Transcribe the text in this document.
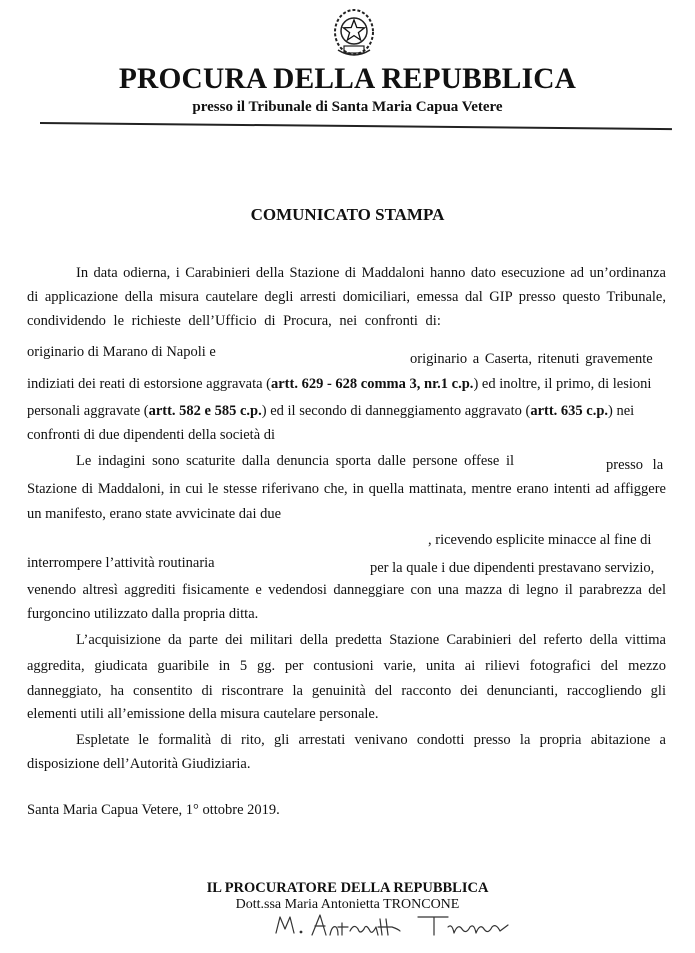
PROCURA DELLA REPUBBLICA
presso il Tribunale di Santa Maria Capua Vetere
COMUNICATO STAMPA
In data odierna, i Carabinieri della Stazione di Maddaloni hanno dato esecuzione ad un’ordinanza
di applicazione della misura cautelare degli arresti domiciliari, emessa dal GIP presso questo Tribunale,
condividendo le richieste dell’Ufficio di Procura, nei confronti di:
originario di Marano di Napoli e	originario a Caserta, ritenuti gravemente
indiziati dei reati di estorsione aggravata (artt. 629 - 628 comma 3, nr.1 c.p.) ed inoltre, il primo, di lesioni
personali aggravate (artt. 582 e 585 c.p.) ed il secondo di danneggiamento aggravato (artt. 635 c.p.) nei
confronti di due dipendenti della società di
Le indagini sono scaturite dalla denuncia sporta dalle persone offese il	presso la
Stazione di Maddaloni, in cui le stesse riferivano che, in quella mattinata, mentre erano intenti ad affiggere
un manifesto, erano state avvicinate dai due
, ricevendo esplicite minacce al fine di
interrompere l’attività routinaria	per la quale i due dipendenti prestavano servizio,
venendo altresì aggrediti fisicamente e vedendosi danneggiare con una mazza di legno il parabrezza del
furgoncino utilizzato dalla propria ditta.
L’acquisizione da parte dei militari della predetta Stazione Carabinieri del referto della vittima
aggredita, giudicata guaribile in 5 gg. per contusioni varie, unita ai rilievi fotografici del mezzo
danneggiato, ha consentito di riscontrare la genuinità del racconto dei denuncianti, raccogliendo gli
elementi utili all’emissione della misura cautelare personale.
Espletate le formalità di rito, gli arrestati venivano condotti presso la propria abitazione a
disposizione dell’Autorità Giudiziaria.
Santa Maria Capua Vetere, 1° ottobre 2019.
IL PROCURATORE DELLA REPUBBLICA
Dott.ssa Maria Antonietta TRONCONE
